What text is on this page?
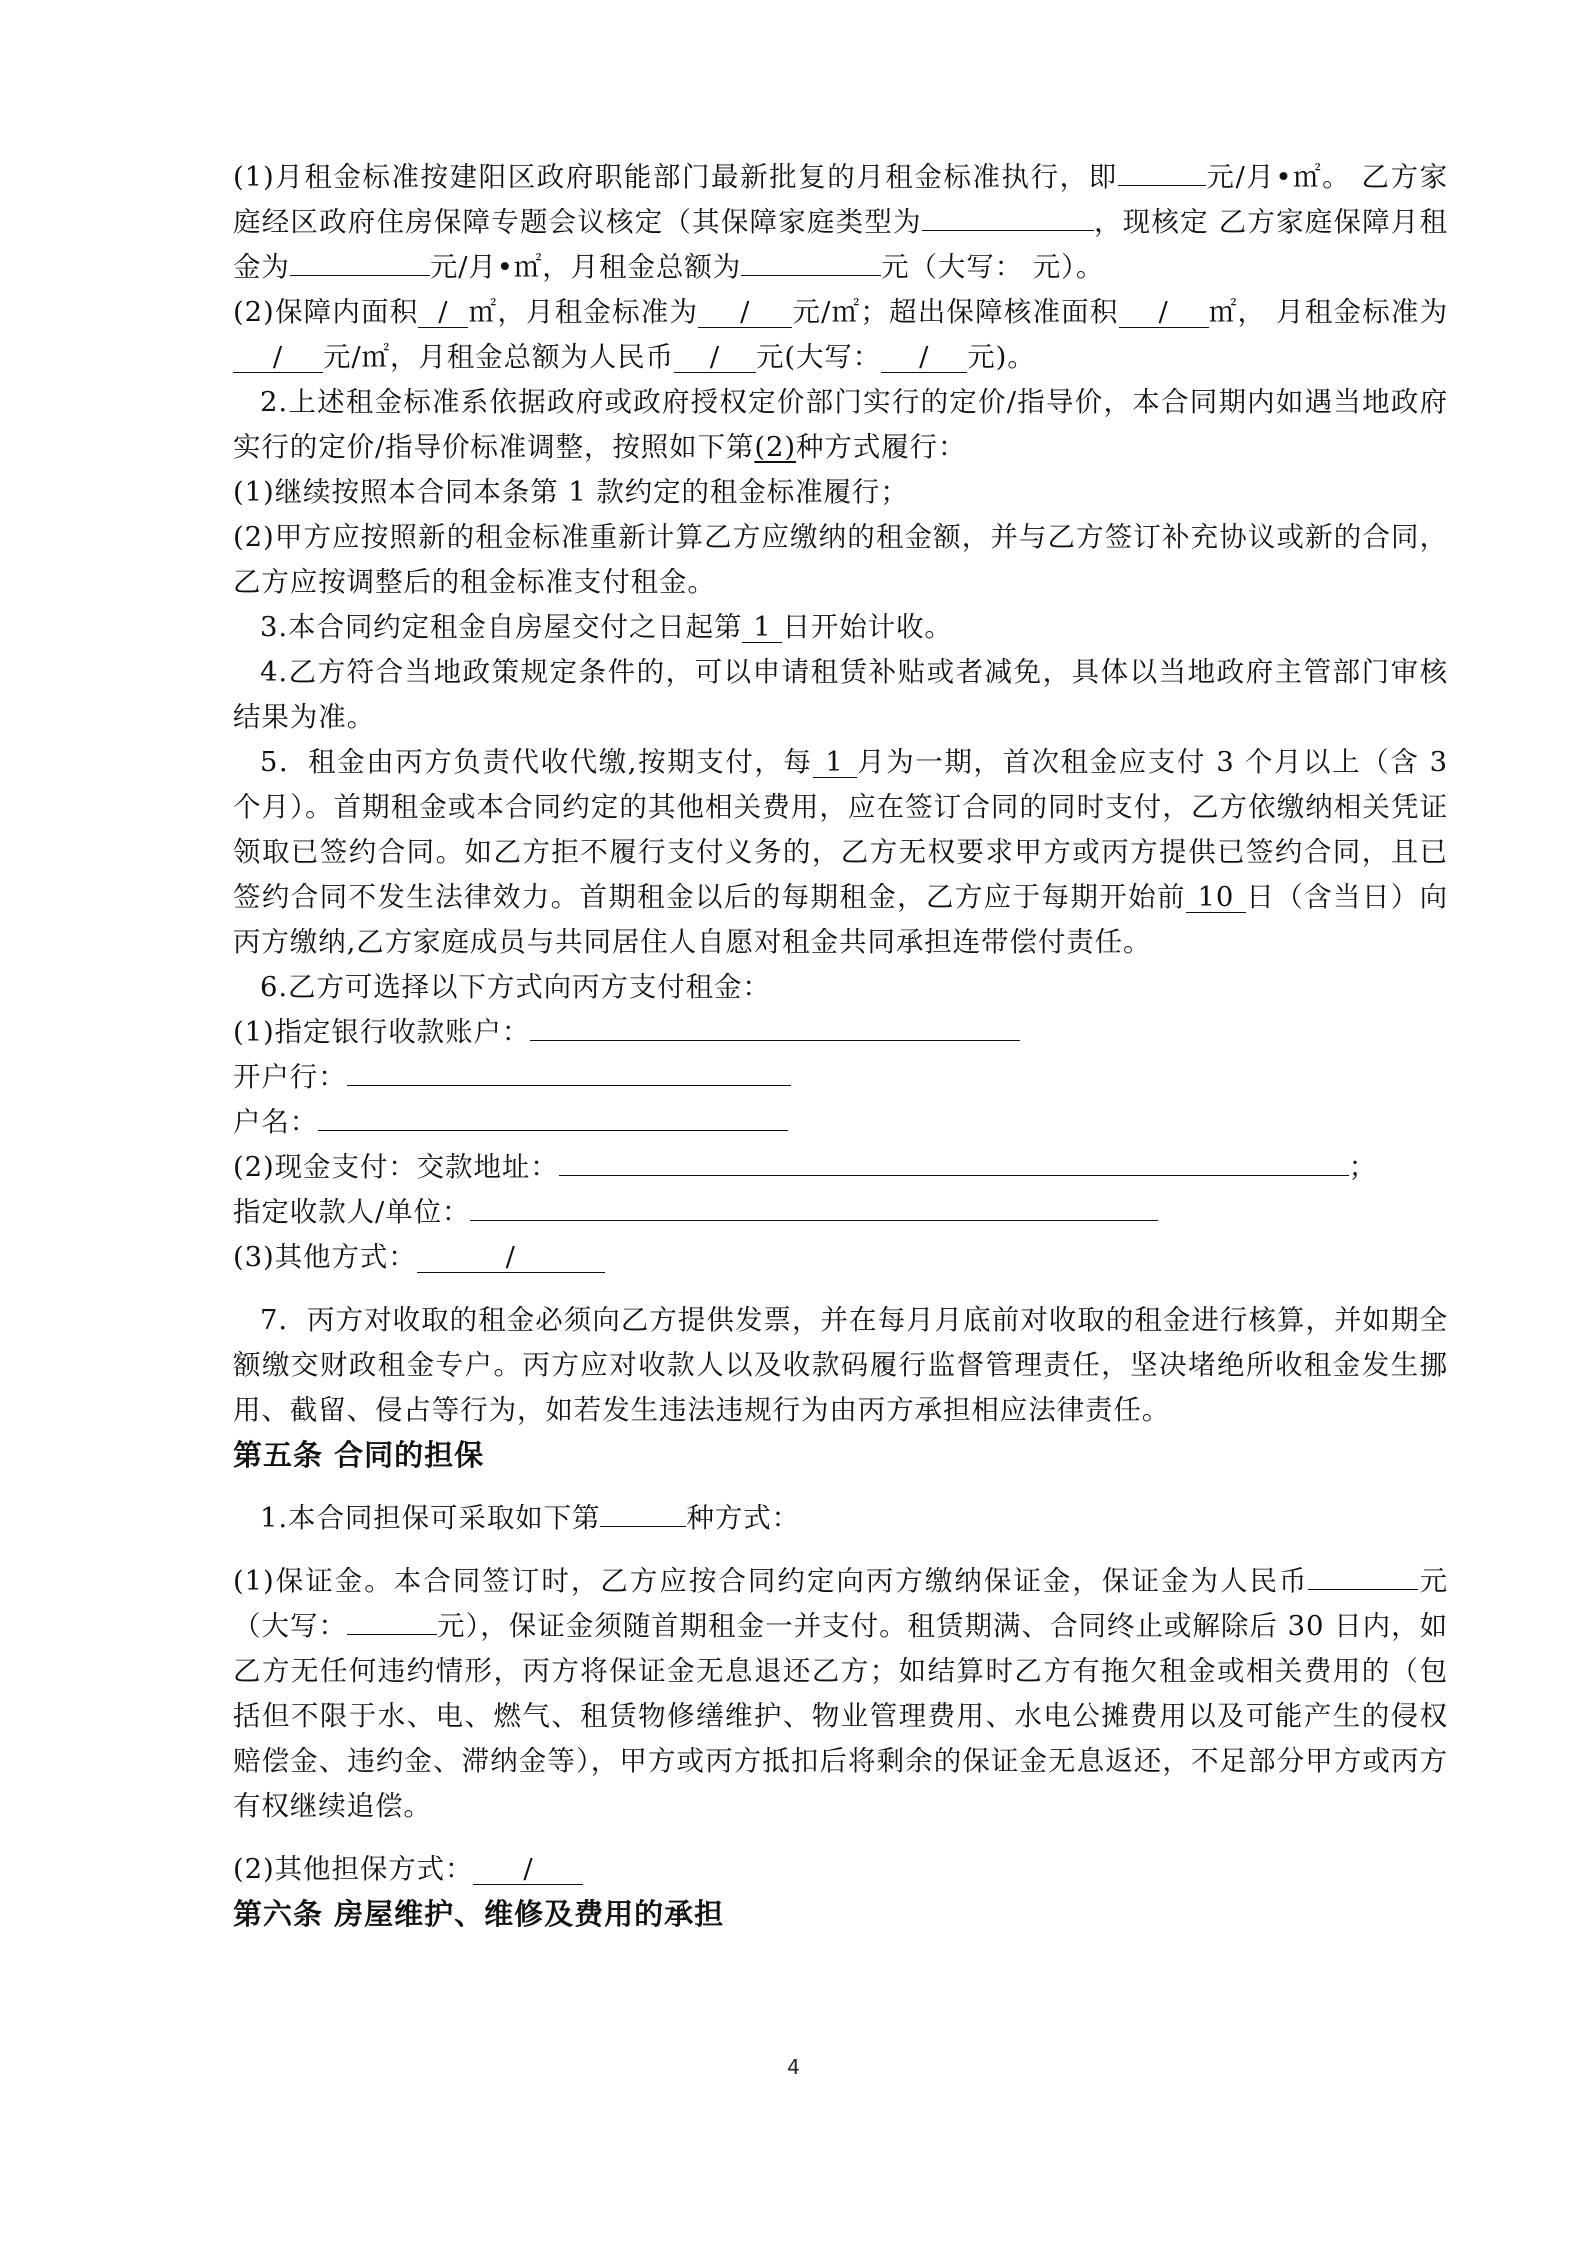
(1)月租金标准按建阳区政府职能部门最新批复的月租金标准执行，即	元/月•㎡。 乙方家庭经区政府住房保障专题会议核定（其保障家庭类型为	，现核定 乙方家庭保障月租金为	元/月•㎡，月租金总额为	元（大写： 元）。

(2)保障内面积 / ㎡，月租金标准为 / 元/㎡；超出保障核准面积 / ㎡， 月租金标准为/ 元/㎡，月租金总额为人民币 / 元(大写： / 元)。

2.上述租金标准系依据政府或政府授权定价部门实行的定价/指导价，本合同期内如遇当地政府实行的定价/指导价标准调整，按照如下第(2)种方式履行：

(1)继续按照本合同本条第 1 款约定的租金标准履行；

(2)甲方应按照新的租金标准重新计算乙方应缴纳的租金额，并与乙方签订补充协议或新的合同，乙方应按调整后的租金标准支付租金。

3.本合同约定租金自房屋交付之日起第 1 日开始计收。

4.乙方符合当地政策规定条件的，可以申请租赁补贴或者减免，具体以当地政府主管部门审核结果为准。

5．租金由丙方负责代收代缴,按期支付，每 1 月为一期，首次租金应支付 3 个月以上（含 3 个月）。首期租金或本合同约定的其他相关费用，应在签订合同的同时支付，乙方依缴纳相关凭证领取已签约合同。如乙方拒不履行支付义务的，乙方无权要求甲方或丙方提供已签约合同，且已签约合同不发生法律效力。首期租金以后的每期租金，乙方应于每期开始前 10 日（含当日）向丙方缴纳,乙方家庭成员与共同居住人自愿对租金共同承担连带偿付责任。

6.乙方可选择以下方式向丙方支付租金：

(1)指定银行收款账户：

开户行：

户名：

(2)现金支付：交款地址：	；

指定收款人/单位：

(3)其他方式：	/

7．丙方对收取的租金必须向乙方提供发票，并在每月月底前对收取的租金进行核算，并如期全额缴交财政租金专户。丙方应对收款人以及收款码履行监督管理责任，坚决堵绝所收租金发生挪用、截留、侵占等行为，如若发生违法违规行为由丙方承担相应法律责任。

第五条 合同的担保

1.本合同担保可采取如下第	种方式：

(1)保证金。本合同签订时，乙方应按合同约定向丙方缴纳保证金，保证金为人民币	元（大写：	元），保证金须随首期租金一并支付。租赁期满、合同终止或解除后 30 日内，如乙方无任何违约情形，丙方将保证金无息退还乙方；如结算时乙方有拖欠租金或相关费用的（包括但不限于水、电、燃气、租赁物修缮维护、物业管理费用、水电公摊费用以及可能产生的侵权赔偿金、违约金、滞纳金等），甲方或丙方抵扣后将剩余的保证金无息返还，不足部分甲方或丙方有权继续追偿。

(2)其他担保方式： /

第六条 房屋维护、维修及费用的承担
4
